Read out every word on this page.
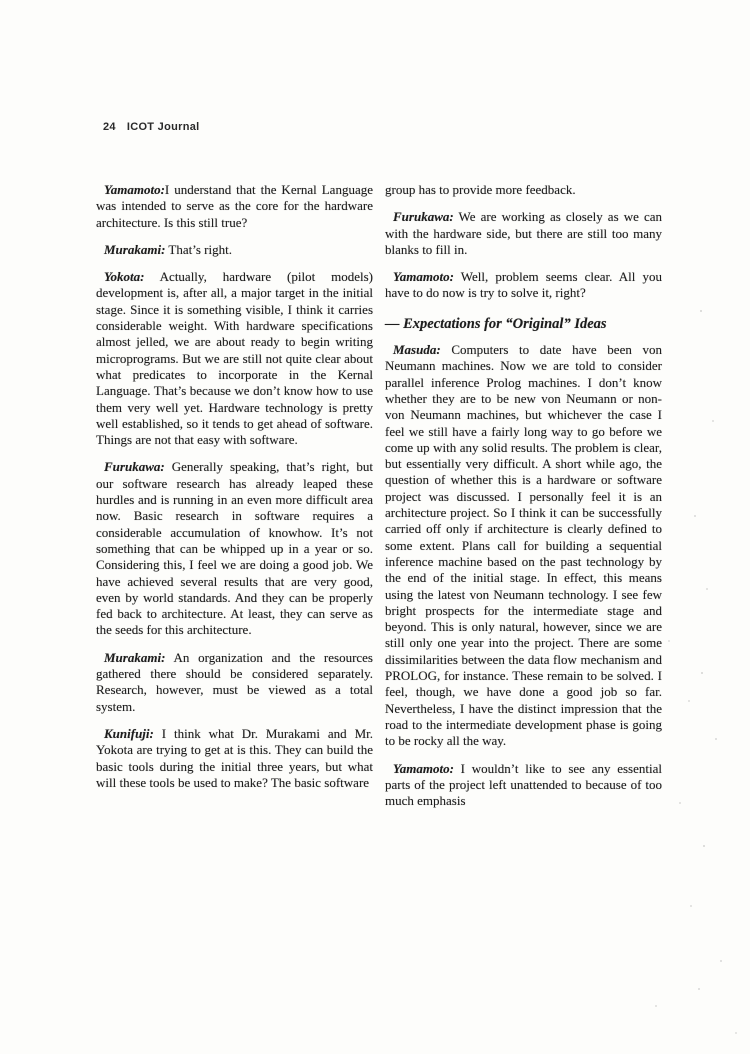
24 ICOT Journal

Yamamoto:I understand that the Kernal Language was intended to serve as the core for the hardware architecture. Is this still true?

Murakami: That’s right.

Yokota: Actually, hardware (pilot models) development is, after all, a major target in the initial stage. Since it is something visible, I think it carries considerable weight. With hardware specifications almost jelled, we are about ready to begin writing microprograms. But we are still not quite clear about what predicates to incorporate in the Kernal Language. That’s because we don’t know how to use them very well yet. Hardware technology is pretty well established, so it tends to get ahead of software. Things are not that easy with software.

Furukawa: Generally speaking, that’s right, but our software research has already leaped these hurdles and is running in an even more difficult area now. Basic research in software requires a considerable accumulation of knowhow. It’s not something that can be whipped up in a year or so. Considering this, I feel we are doing a good job. We have achieved several results that are very good, even by world standards. And they can be properly fed back to architecture. At least, they can serve as the seeds for this architecture.

Murakami: An organization and the resources gathered there should be considered separately. Research, however, must be viewed as a total system.

Kunifuji: I think what Dr. Murakami and Mr. Yokota are trying to get at is this. They can build the basic tools during the initial three years, but what will these tools be used to make? The basic software

group has to provide more feedback.

Furukawa: We are working as closely as we can with the hardware side, but there are still too many blanks to fill in.

Yamamoto: Well, problem seems clear. All you have to do now is try to solve it, right?

— Expectations for “Original” Ideas

Masuda: Computers to date have been von Neumann machines. Now we are told to consider parallel inference Prolog machines. I don’t know whether they are to be new von Neumann or non-von Neumann machines, but whichever the case I feel we still have a fairly long way to go before we come up with any solid results. The problem is clear, but essentially very difficult. A short while ago, the question of whether this is a hardware or software project was discussed. I personally feel it is an architecture project. So I think it can be successfully carried off only if architecture is clearly defined to some extent. Plans call for building a sequential inference machine based on the past technology by the end of the initial stage. In effect, this means using the latest von Neumann technology. I see few bright prospects for the intermediate stage and beyond. This is only natural, however, since we are still only one year into the project. There are some dissimilarities between the data flow mechanism and PROLOG, for instance. These remain to be solved. I feel, though, we have done a good job so far. Nevertheless, I have the distinct impression that the road to the intermediate development phase is going to be rocky all the way.

Yamamoto: I wouldn’t like to see any essential parts of the project left unattended to because of too much emphasis
